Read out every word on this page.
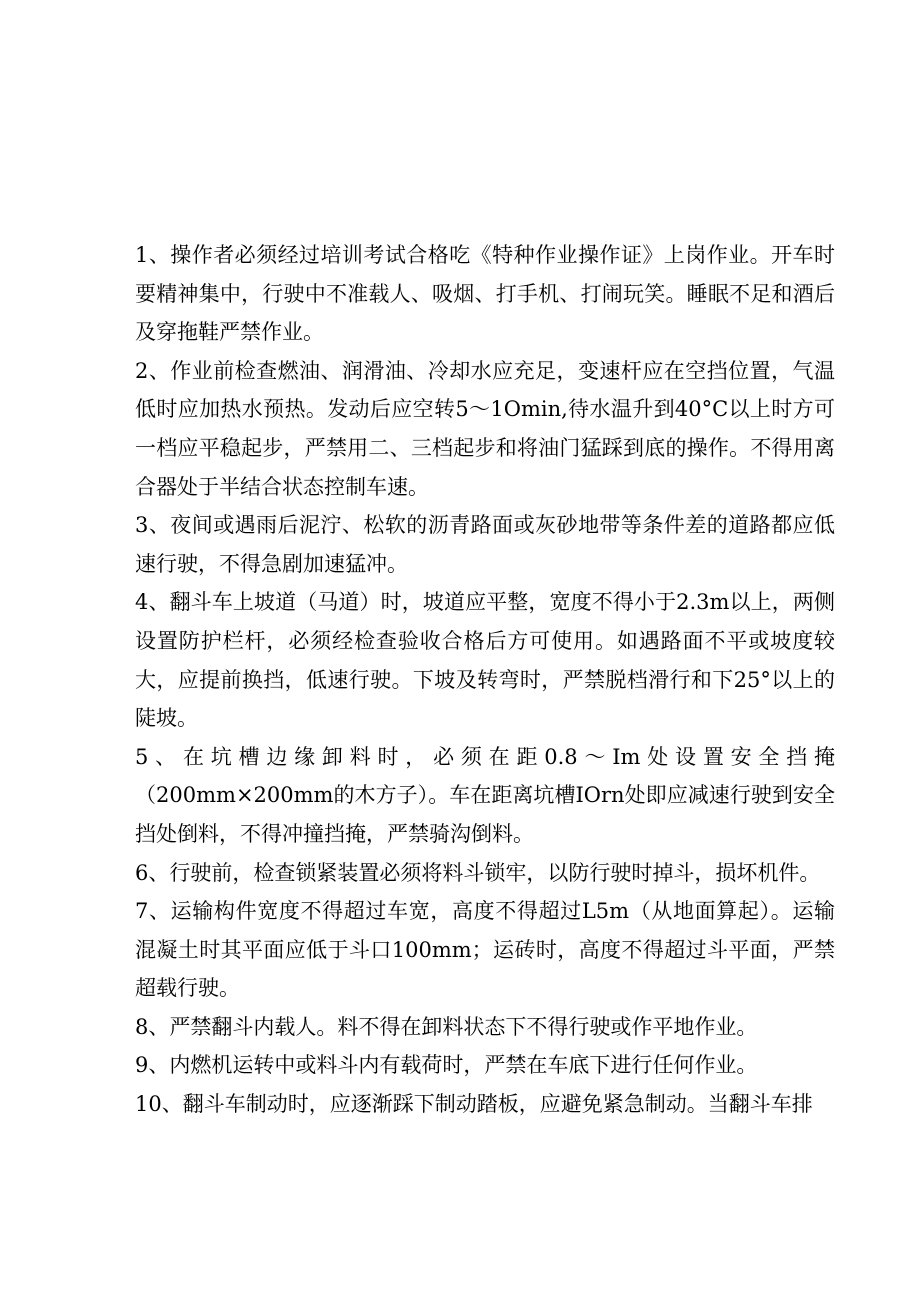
1、操作者必须经过培训考试合格吃《特种作业操作证》上岗作业。开车时要精神集中，行驶中不准载人、吸烟、打手机、打闹玩笑。睡眠不足和酒后及穿拖鞋严禁作业。

2、作业前检查燃油、润滑油、冷却水应充足，变速杆应在空挡位置，气温低时应加热水预热。发动后应空转5～1Omin,待水温升到40°C以上时方可一档应平稳起步，严禁用二、三档起步和将油门猛踩到底的操作。不得用离合器处于半结合状态控制车速。

3、夜间或遇雨后泥泞、松软的沥青路面或灰砂地带等条件差的道路都应低速行驶，不得急剧加速猛冲。

4、翻斗车上坡道（马道）时，坡道应平整，宽度不得小于2.3m以上，两侧设置防护栏杆，必须经检查验收合格后方可使用。如遇路面不平或坡度较大，应提前换挡，低速行驶。下坡及转弯时，严禁脱档滑行和下25°以上的陡坡。

5、在坑槽边缘卸料时，必须在距0.8～Im处设置安全挡掩（200mm×200mm的木方子）。车在距离坑槽IOrn处即应减速行驶到安全挡处倒料，不得冲撞挡掩，严禁骑沟倒料。

6、行驶前，检查锁紧装置必须将料斗锁牢，以防行驶时掉斗，损坏机件。

7、运输构件宽度不得超过车宽，高度不得超过L5m（从地面算起）。运输混凝土时其平面应低于斗口100mm；运砖时，高度不得超过斗平面，严禁超载行驶。

8、严禁翻斗内载人。料不得在卸料状态下不得行驶或作平地作业。

9、内燃机运转中或料斗内有载荷时，严禁在车底下进行任何作业。

10、翻斗车制动时，应逐渐踩下制动踏板，应避免紧急制动。当翻斗车排
